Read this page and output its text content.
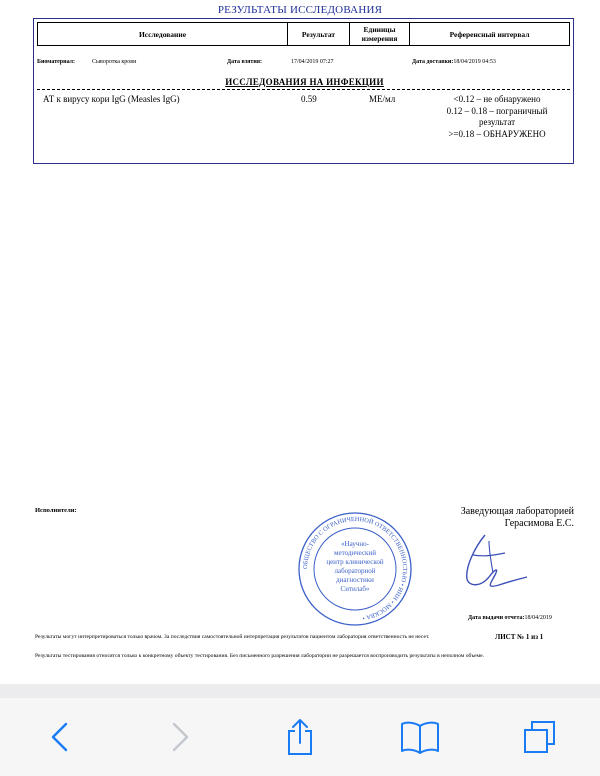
РЕЗУЛЬТАТЫ ИССЛЕДОВАНИЯ
Исследование	Результат	Единицы измерения	Референсный интервал
Биоматериал:	Сыворотка крови	Дата взятия:	17/04/2019 07:27	Дата доставки:18/04/2019 04:53
ИССЛЕДОВАНИЯ НА ИНФЕКЦИИ
АТ к вирусу кори IgG (Measles IgG)	0.59	МЕ/мл	<0.12 – не обнаружено
0.12 – 0.18 – пограничный
результат
>=0.18 – ОБНАРУЖЕНО
Исполнители:	Заведующая лабораторией
Герасимова Е.С.
ОБЩЕСТВО С ОГРАНИЧЕННОЙ ОТВЕТСТВЕННОСТЬЮ • ИНН • МОСКВА •
«Научно-
методический
центр клинической
лабораторной
диагностики
Ситилаб»
Дата выдачи отчета:18/04/2019
ЛИСТ № 1 из 1
Результаты могут интерпретироваться только врачом. За последствия самостоятельной интерпретация результатов пациентом лаборатория ответственность не несет.
Результаты тестирования относятся только к конкретному объекту тестирования. Без письменного разрешения лаборатории не разрешается воспроизводить результаты в неполном объеме.
